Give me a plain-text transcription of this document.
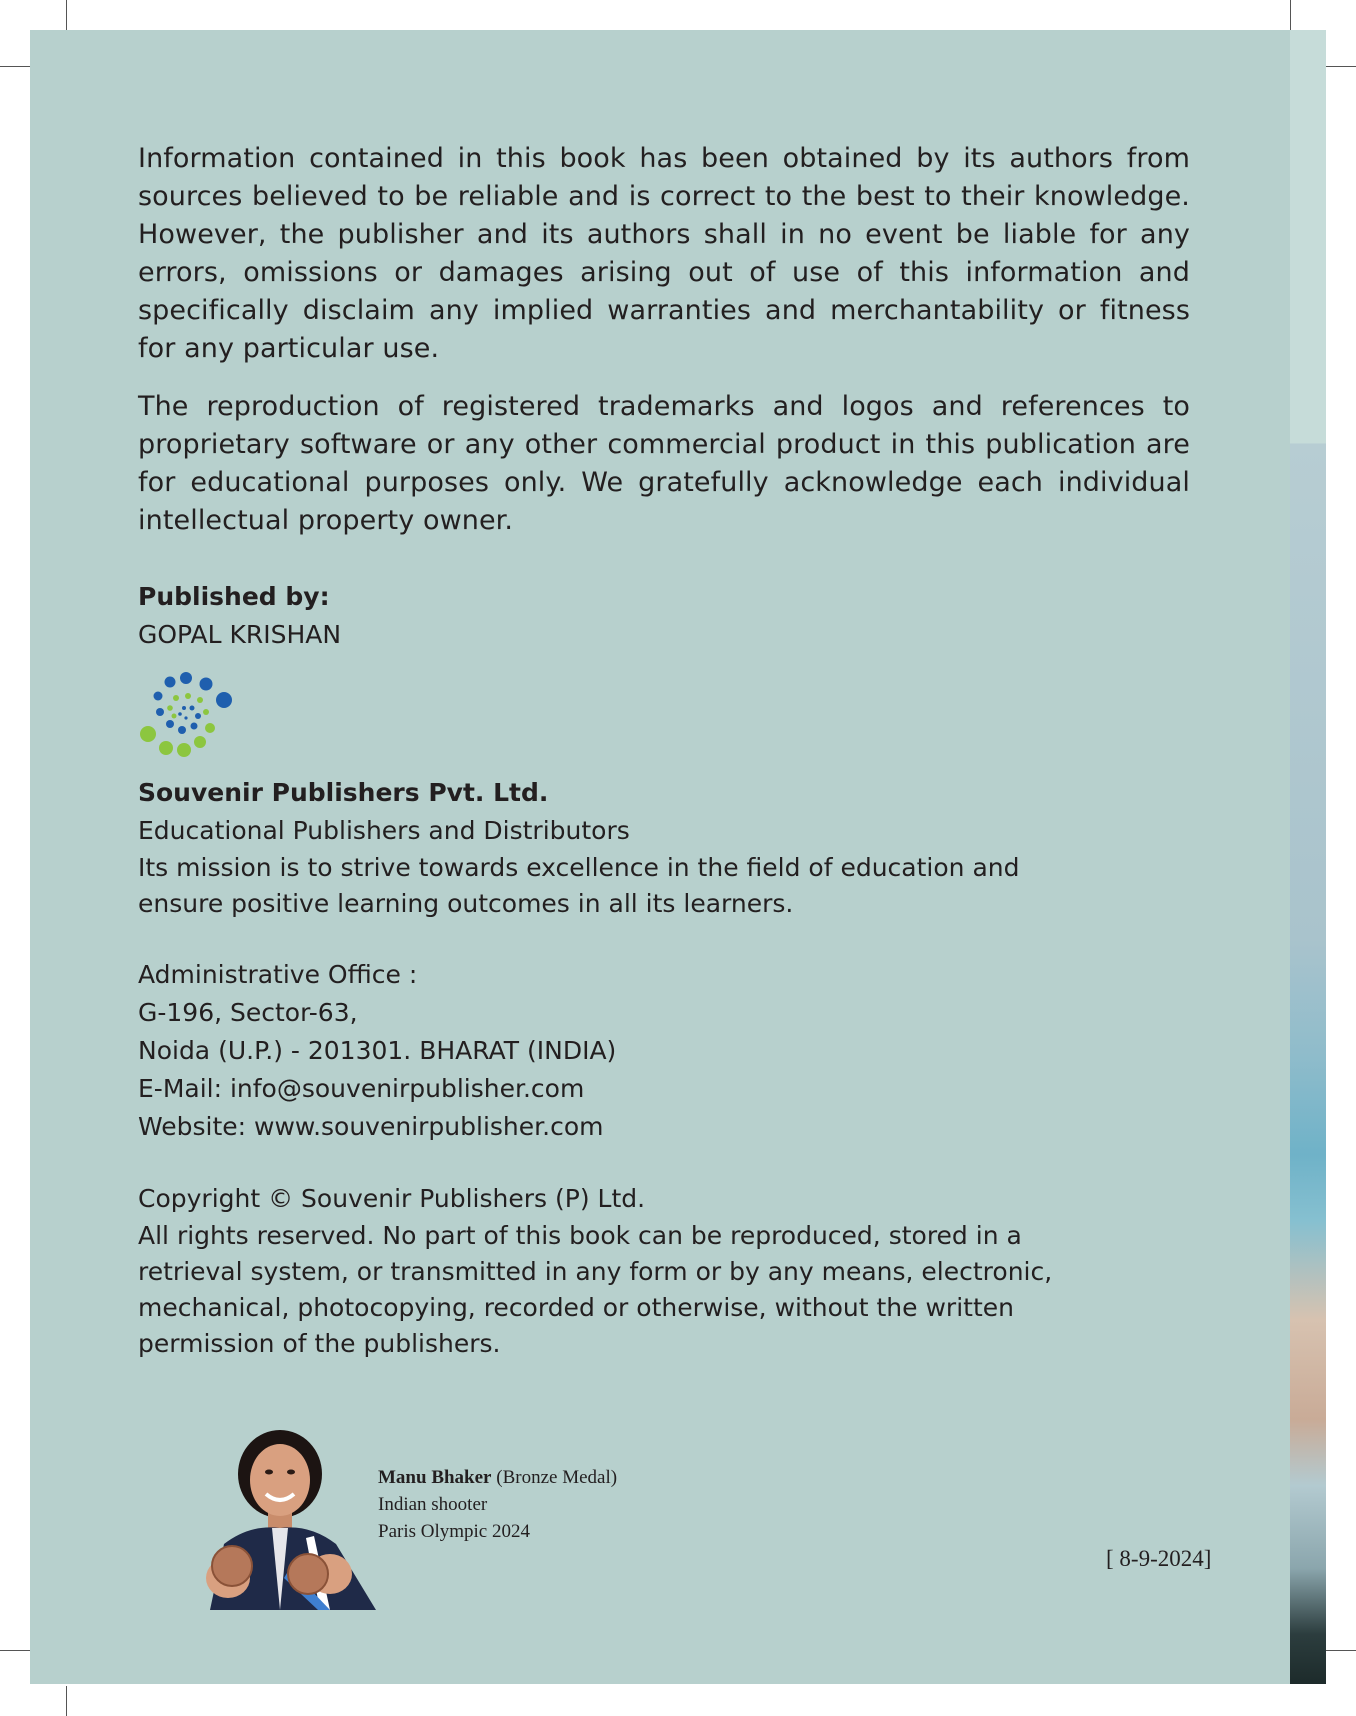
Information contained in this book has been obtained by its authors from sources believed to be reliable and is correct to the best to their knowledge. However, the publisher and its authors shall in no event be liable for any errors, omissions or damages arising out of use of this information and specifically disclaim any implied warranties and merchantability or fitness for any particular use.

The reproduction of registered trademarks and logos and references to proprietary software or any other commercial product in this publication are for educational purposes only. We gratefully acknowledge each individual intellectual property owner.

Published by:
GOPAL KRISHAN
Souvenir Publishers Pvt. Ltd.
Educational Publishers and Distributors
Its mission is to strive towards excellence in the field of education and ensure positive learning outcomes in all its learners.
Administrative Office :
G-196, Sector-63,
Noida (U.P.) - 201301. BHARAT (INDIA)
E-Mail: info@souvenirpublisher.com
Website: www.souvenirpublisher.com
Copyright © Souvenir Publishers (P) Ltd.
All rights reserved. No part of this book can be reproduced, stored in a retrieval system, or transmitted in any form or by any means, electronic, mechanical, photocopying, recorded or otherwise, without the written permission of the publishers.
Manu Bhaker (Bronze Medal)
Indian shooter
Paris Olympic 2024
[ 8-9-2024]
